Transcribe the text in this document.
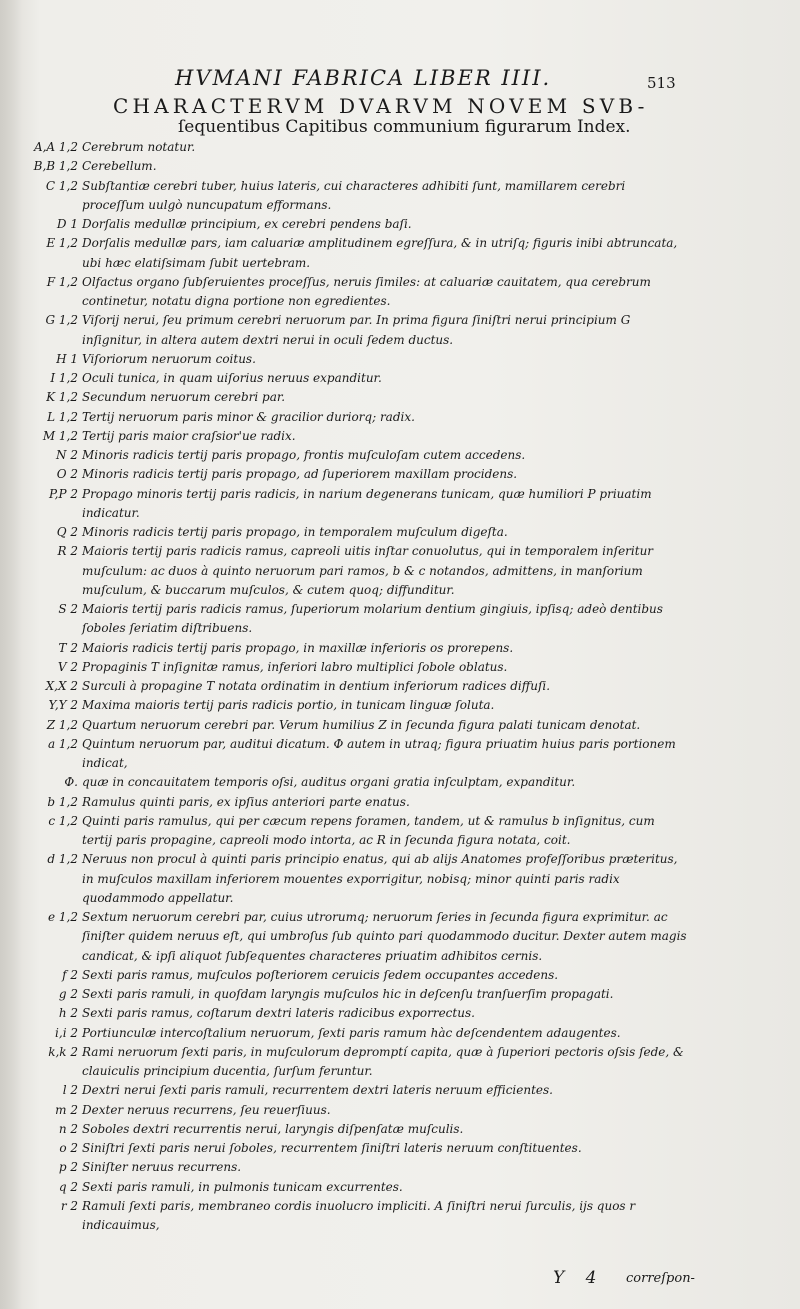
HVMANI FABRICA LIBER IIII.	513
CHARACTERVM DVARVM NOVEM SVB-
ſequentibus Capitibus communium figurarum Index.
A,A 1,2 Cerebrum notatur.
B,B 1,2 Cerebellum.
C 1,2 Subſtantiæ cerebri tuber, huius lateris, cui characteres adhibiti ſunt, mamillarem cerebri proceſſum uulgò nuncupatum efformans.
D 1 Dorſalis medullæ principium, ex cerebri pendens baſi.
E 1,2 Dorſalis medullæ pars, iam caluariæ amplitudinem egreſſura, & in utriſq; figuris inibi abtruncata, ubi hæc elatiſsimam ſubit uertebram.
F 1,2 Olfactus organo ſubſeruientes proceſſus, neruis ſimiles: at caluariæ cauitatem, qua cerebrum continetur, notatu digna portione non egredientes.
G 1,2 Viſorij nerui, ſeu primum cerebri neruorum par. In prima figura ſiniſtri nerui principium G inſignitur, in altera autem dextri nerui in oculi ſedem ductus.
H 1 Viſoriorum neruorum coitus.
I 1,2 Oculi tunica, in quam uiſorius neruus expanditur.
K 1,2 Secundum neruorum cerebri par.
L 1,2 Tertij neruorum paris minor & gracilior duriorq; radix.
M 1,2 Tertij paris maior craſsior'ue radix.
N 2 Minoris radicis tertij paris propago, frontis muſculoſam cutem accedens.
O 2 Minoris radicis tertij paris propago, ad ſuperiorem maxillam procidens.
P,P 2 Propago minoris tertij paris radicis, in narium degenerans tunicam, quæ humiliori P priuatim indicatur.
Q 2 Minoris radicis tertij paris propago, in temporalem muſculum digeſta.
R 2 Maioris tertij paris radicis ramus, capreoli uitis inſtar conuolutus, qui in temporalem inſeritur muſculum: ac duos à quinto neruorum pari ramos, b & c notandos, admittens, in manſorium muſculum, & buccarum muſculos, & cutem quoq; diffunditur.
S 2 Maioris tertij paris radicis ramus, ſuperiorum molarium dentium gingiuis, ipſisq; adeò dentibus ſoboles ſeriatim diſtribuens.
T 2 Maioris radicis tertij paris propago, in maxillæ inferioris os prorepens.
V 2 Propaginis T inſignitæ ramus, inferiori labro multiplici ſobole oblatus.
X,X 2 Surculi à propagine T notata ordinatim in dentium inferiorum radices diffuſi.
Y,Y 2 Maxima maioris tertij paris radicis portio, in tunicam linguæ ſoluta.
Z 1,2 Quartum neruorum cerebri par. Verum humilius Z in ſecunda figura palati tunicam denotat.
a 1,2 Quintum neruorum par, auditui dicatum. Φ autem in utraq; figura priuatim huius paris portionem indicat,
Φ. quæ in concauitatem temporis oſsi, auditus organi gratia inſculptam, expanditur.
b 1,2 Ramulus quinti paris, ex ipſius anteriori parte enatus.
c 1,2 Quinti paris ramulus, qui per cæcum repens foramen, tandem, ut & ramulus b inſignitus, cum tertij paris propagine, capreoli modo intorta, ac R in ſecunda figura notata, coit.
d 1,2 Neruus non procul à quinti paris principio enatus, qui ab alijs Anatomes profeſſoribus præteritus, in muſculos maxillam inferiorem mouentes exporrigitur, nobisq; minor quinti paris radix quodammodo appellatur.
e 1,2 Sextum neruorum cerebri par, cuius utrorumq; neruorum ſeries in ſecunda figura exprimitur. ac ſiniſter quidem neruus eſt, qui umbroſus ſub quinto pari quodammodo ducitur. Dexter autem magis candicat, & ipſi aliquot ſubſequentes characteres priuatim adhibitos cernis.
f 2 Sexti paris ramus, muſculos poſteriorem ceruicis ſedem occupantes accedens.
g 2 Sexti paris ramuli, in quoſdam laryngis muſculos hic in deſcenſu tranſuerſim propagati.
h 2 Sexti paris ramus, coſtarum dextri lateris radicibus exporrectus.
i,i 2 Portiunculæ intercoſtalium neruorum, ſexti paris ramum hàc deſcendentem adaugentes.
k,k 2 Rami neruorum ſexti paris, in muſculorum depromptí capita, quæ à ſuperiori pectoris oſsis ſede, & clauiculis principium ducentia, ſurſum feruntur.
l 2 Dextri nerui ſexti paris ramuli, recurrentem dextri lateris neruum efficientes.
m 2 Dexter neruus recurrens, ſeu reuerſiuus.
n 2 Soboles dextri recurrentis nerui, laryngis diſpenſatæ muſculis.
o 2 Siniſtri ſexti paris nerui ſoboles, recurrentem ſiniſtri lateris neruum conſtituentes.
p 2 Siniſter neruus recurrens.
q 2 Sexti paris ramuli, in pulmonis tunicam excurrentes.
r 2 Ramuli ſexti paris, membraneo cordis inuolucro impliciti. A ſiniſtri nerui ſurculis, ijs quos r indicauimus,
Y 4 correſpon-
